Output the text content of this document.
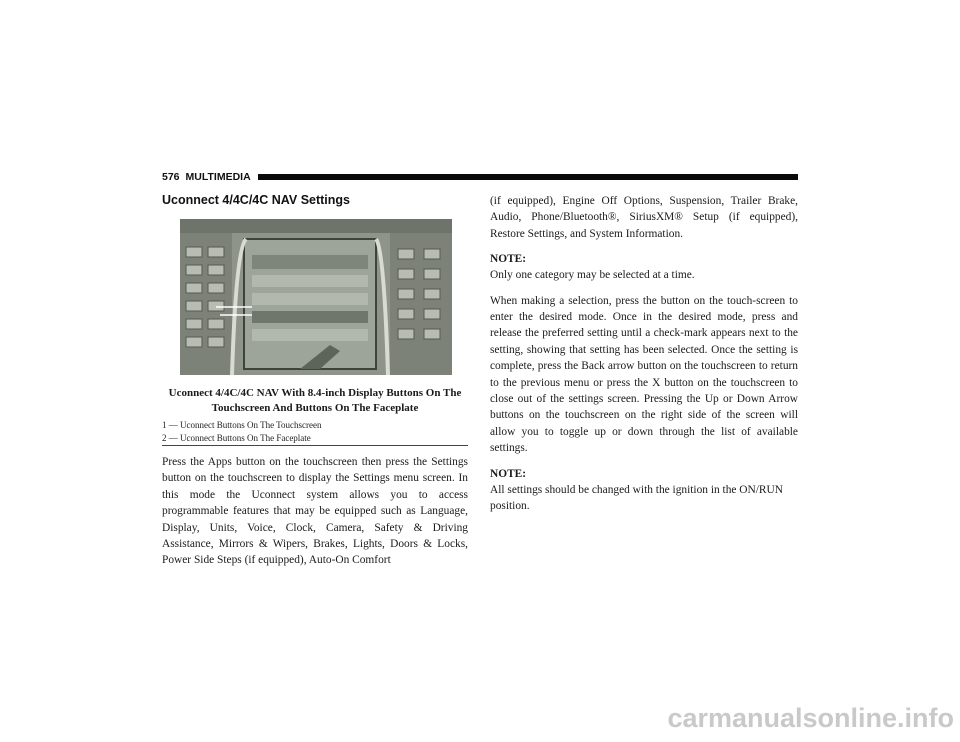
576 MULTIMEDIA
Uconnect 4/4C/4C NAV Settings
Uconnect 4/4C/4C NAV With 8.4-inch Display Buttons On The Touchscreen And Buttons On The Faceplate
1 — Uconnect Buttons On The Touchscreen
2 — Uconnect Buttons On The Faceplate

Press the Apps button on the touchscreen then press the Settings button on the touchscreen to display the Settings menu screen. In this mode the Uconnect system allows you to access programmable features that may be equipped such as Language, Display, Units, Voice, Clock, Camera, Safety & Driving Assistance, Mirrors & Wipers, Brakes, Lights, Doors & Locks, Power Side Steps (if equipped), Auto-On Comfort

(if equipped), Engine Off Options, Suspension, Trailer Brake, Audio, Phone/Bluetooth®, SiriusXM® Setup (if equipped), Restore Settings, and System Information.

NOTE:

Only one category may be selected at a time.

When making a selection, press the button on the touch-screen to enter the desired mode. Once in the desired mode, press and release the preferred setting until a check-mark appears next to the setting, showing that setting has been selected. Once the setting is complete, press the Back arrow button on the touchscreen to return to the previous menu or press the X button on the touchscreen to close out of the settings screen. Pressing the Up or Down Arrow buttons on the touchscreen on the right side of the screen will allow you to toggle up or down through the list of available settings.

NOTE:

All settings should be changed with the ignition in the ON/RUN position.

carmanualsonline.info
